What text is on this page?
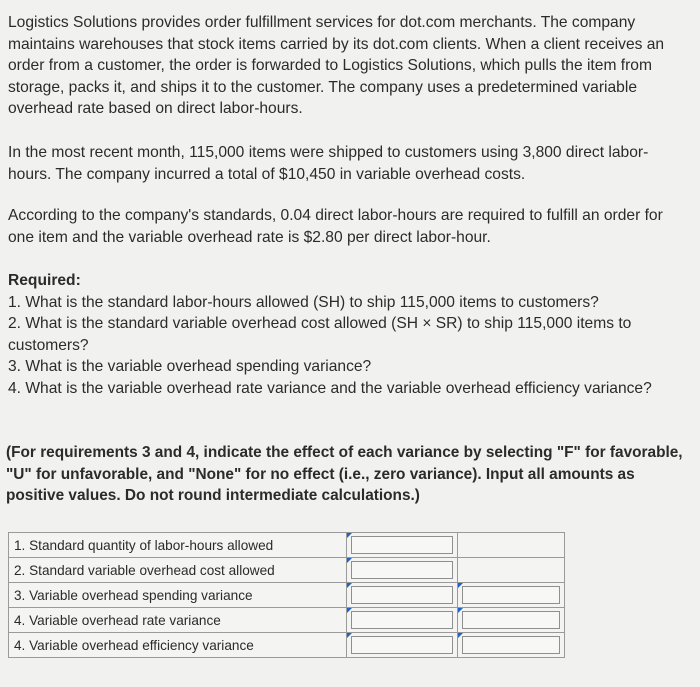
Logistics Solutions provides order fulfillment services for dot.com merchants. The company maintains warehouses that stock items carried by its dot.com clients. When a client receives an order from a customer, the order is forwarded to Logistics Solutions, which pulls the item from storage, packs it, and ships it to the customer. The company uses a predetermined variable overhead rate based on direct labor-hours.

In the most recent month, 115,000 items were shipped to customers using 3,800 direct labor-hours. The company incurred a total of $10,450 in variable overhead costs.

According to the company's standards, 0.04 direct labor-hours are required to fulfill an order for one item and the variable overhead rate is $2.80 per direct labor-hour.

Required:
1. What is the standard labor-hours allowed (SH) to ship 115,000 items to customers?
2. What is the standard variable overhead cost allowed (SH × SR) to ship 115,000 items to customers?
3. What is the variable overhead spending variance?
4. What is the variable overhead rate variance and the variable overhead efficiency variance?

(For requirements 3 and 4, indicate the effect of each variance by selecting "F" for favorable, "U" for unfavorable, and "None" for no effect (i.e., zero variance). Input all amounts as positive values. Do not round intermediate calculations.)

1. Standard quantity of labor-hours allowed	

2. Standard variable overhead cost allowed	

3. Variable overhead spending variance	

4. Variable overhead rate variance	

4. Variable overhead efficiency variance	
